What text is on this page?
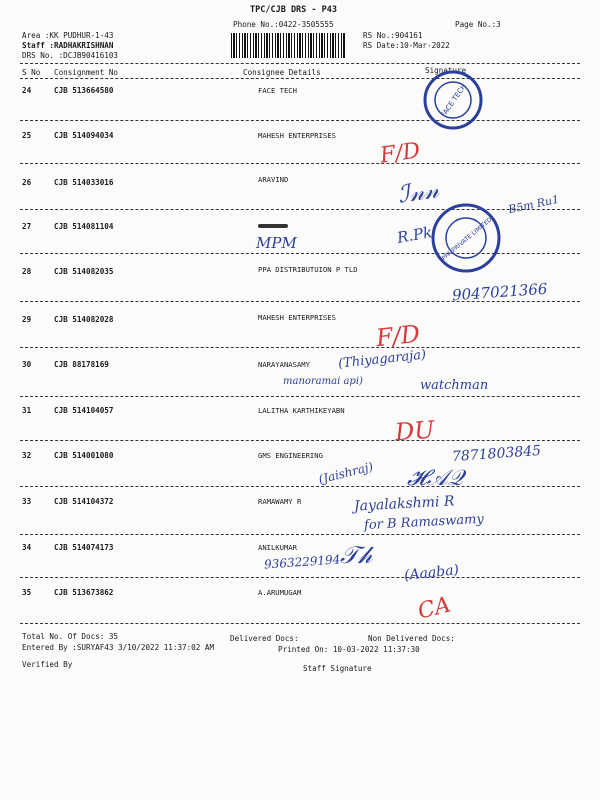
TPC/CJB DRS - P43
Phone No.:0422-3505555	Page No.:3
Area :KK PUDHUR-1-43
Staff :RADHAKRISHNAN
DRS No. :DCJB90416103
RS No.:904161
RS Date:10-Mar-2022
S No Consignment No	Consignee Details	Signature
24	CJB 513664580	FACE TECH
25	CJB 514094034	MAHESH ENTERPRISES
26	CJB 514033016	ARAVIND
27	CJB 514081104
28	CJB 514082035	PPA DISTRIBUTUION P TLD
29	CJB 514082028	MAHESH ENTERPRISES
30	CJB 88178169	NARAYANASAMY
31	CJB 514104057	LALITHA KARTHIKEYABN
32	CJB 514001080	GMS ENGINEERING
33	CJB 514104372	RAMAWAMY R
34	CJB 514074173	ANILKUMAR
35	CJB 513673862	A.ARUMUGAM
FACE TECH
PPA PRIVATE LIMITED
F/D
ℐ𝓃𝓃
MPM	R.Pk
B5m Ru1
9047021366
F/D
(Thiyagaraja)
manoramai api)	watchman
DU
7871803845
(Jaishraj) 𝓗𝒜𝒬
Jayalakshmi R
for B Ramaswamy
9363229194 𝒯𝒽
(Aaaba)
CA
Total No. Of Docs: 35	Delivered Docs:	Non Delivered Docs:
Entered By :SURYAF43 3/10/2022 11:37:02 AM	Printed On: 10-03-2022 11:37:30
Verified By	Staff Signature
